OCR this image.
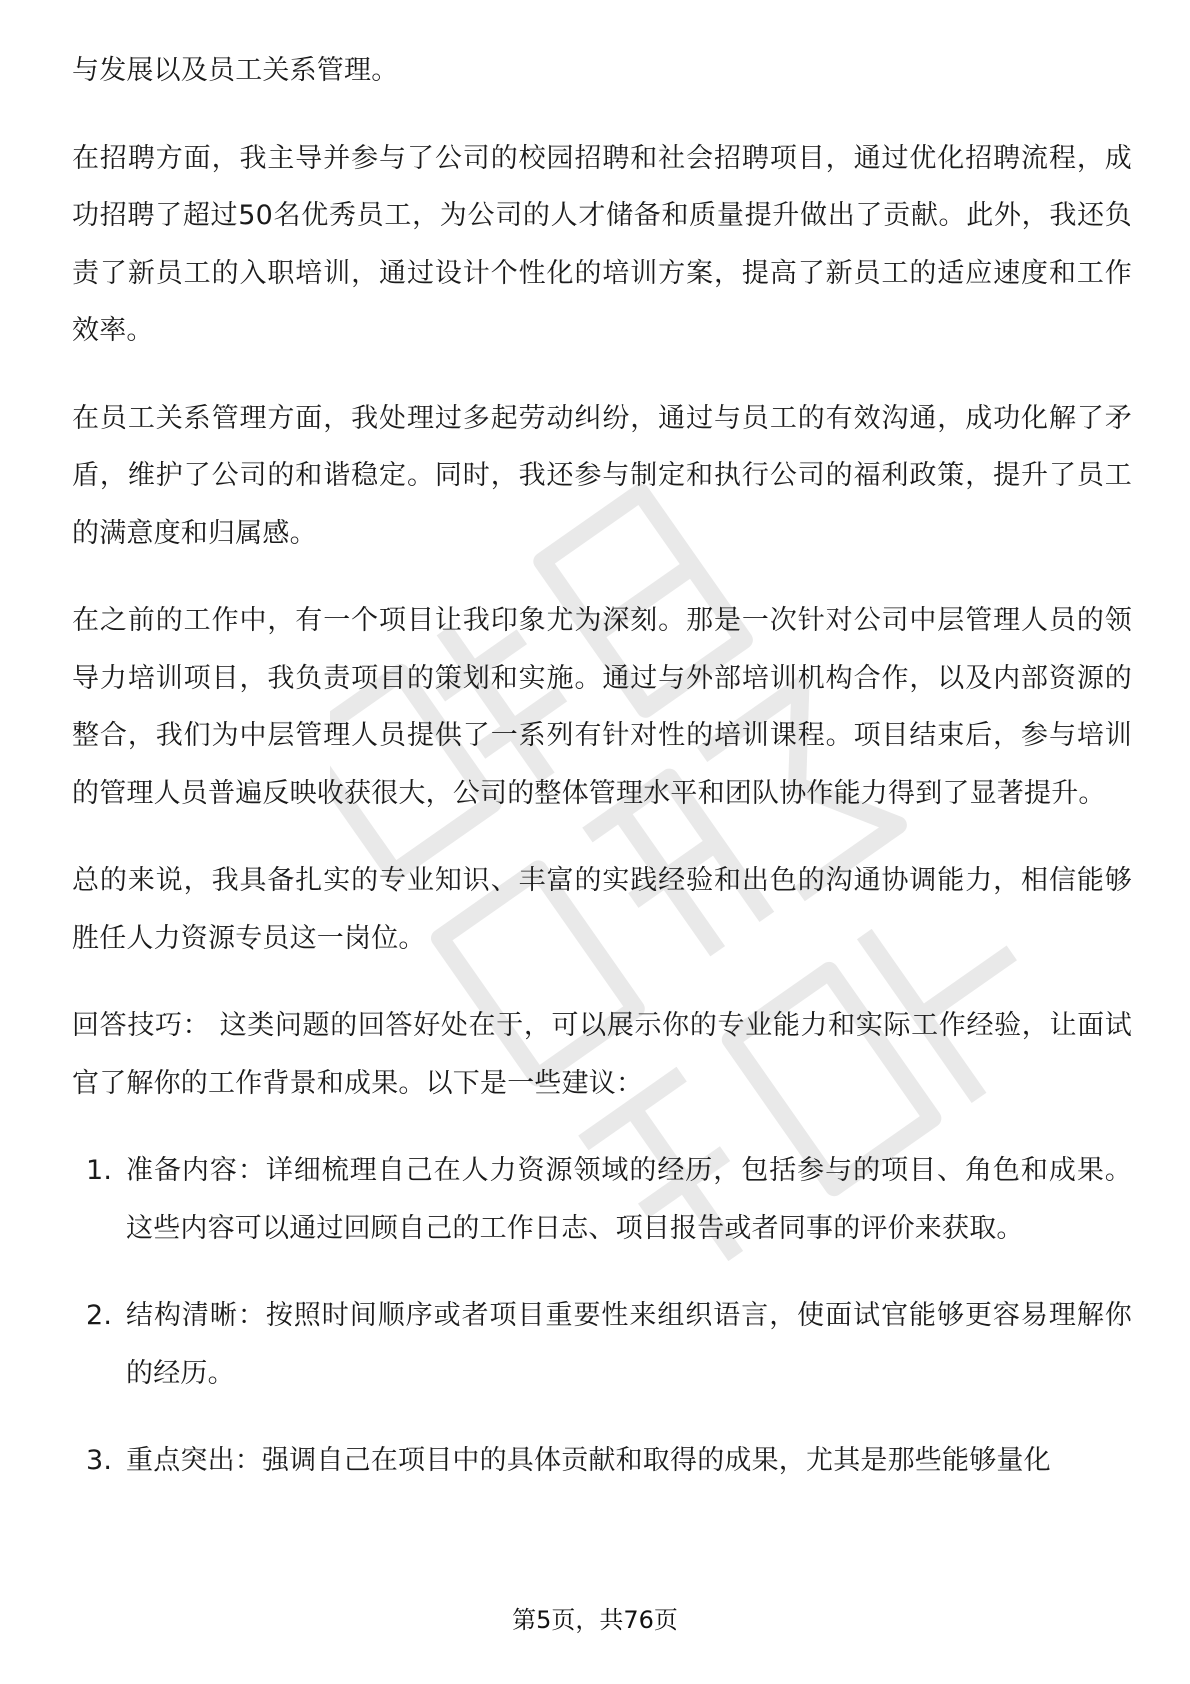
与发展以及员工关系管理。

在招聘方面，我主导并参与了公司的校园招聘和社会招聘项目，通过优化招聘流程，成功招聘了超过50名优秀员工，为公司的人才储备和质量提升做出了贡献。此外，我还负责了新员工的入职培训，通过设计个性化的培训方案，提高了新员工的适应速度和工作效率。

在员工关系管理方面，我处理过多起劳动纠纷，通过与员工的有效沟通，成功化解了矛盾，维护了公司的和谐稳定。同时，我还参与制定和执行公司的福利政策，提升了员工的满意度和归属感。

在之前的工作中，有一个项目让我印象尤为深刻。那是一次针对公司中层管理人员的领导力培训项目，我负责项目的策划和实施。通过与外部培训机构合作，以及内部资源的整合，我们为中层管理人员提供了一系列有针对性的培训课程。项目结束后，参与培训的管理人员普遍反映收获很大，公司的整体管理水平和团队协作能力得到了显著提升。

总的来说，我具备扎实的专业知识、丰富的实践经验和出色的沟通协调能力，相信能够胜任人力资源专员这一岗位。

回答技巧： 这类问题的回答好处在于，可以展示你的专业能力和实际工作经验，让面试官了解你的工作背景和成果。以下是一些建议：

1. 准备内容：详细梳理自己在人力资源领域的经历，包括参与的项目、角色和成果。这些内容可以通过回顾自己的工作日志、项目报告或者同事的评价来获取。
2. 结构清晰：按照时间顺序或者项目重要性来组织语言，使面试官能够更容易理解你的经历。
3. 重点突出：强调自己在项目中的具体贡献和取得的成果，尤其是那些能够量化
第5页，共76页
